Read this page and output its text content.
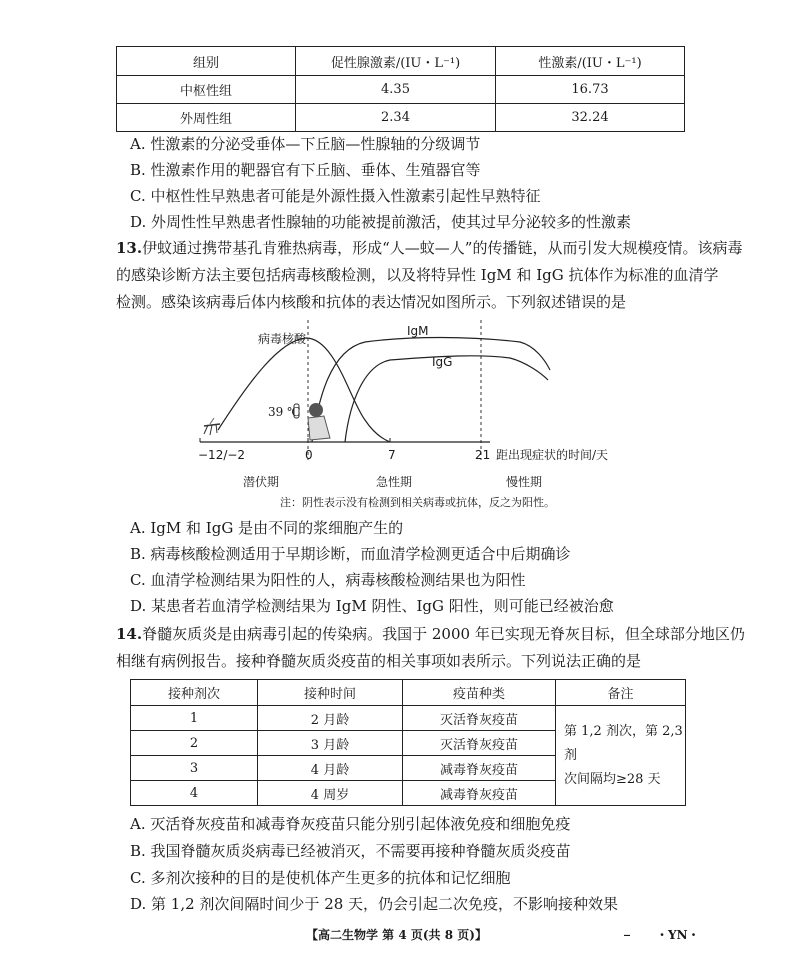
组别	促性腺激素/(IU・L⁻¹)	性激素/(IU・L⁻¹)
中枢性组	4.35	16.73
外周性组	2.34	32.24
A. 性激素的分泌受垂体—下丘脑—性腺轴的分级调节
B. 性激素作用的靶器官有下丘脑、垂体、生殖器官等
C. 中枢性性早熟患者可能是外源性摄入性激素引起性早熟特征
D. 外周性性早熟患者性腺轴的功能被提前激活，使其过早分泌较多的性激素
13.伊蚊通过携带基孔肯雅热病毒，形成“人—蚊—人”的传播链，从而引发大规模疫情。该病毒
的感染诊断方法主要包括病毒核酸检测，以及将特异性 IgM 和 IgG 抗体作为标准的血清学
检测。感染该病毒后体内核酸和抗体的表达情况如图所示。下列叙述错误的是
病毒核酸
IgM
IgG
39 ℃
距出现症状的时间/天
−12/−2	0	7	21
潜伏期	急性期	慢性期
注：阴性表示没有检测到相关病毒或抗体，反之为阳性。
A. IgM 和 IgG 是由不同的浆细胞产生的
B. 病毒核酸检测适用于早期诊断，而血清学检测更适合中后期确诊
C. 血清学检测结果为阳性的人，病毒核酸检测结果也为阳性
D. 某患者若血清学检测结果为 IgM 阴性、IgG 阳性，则可能已经被治愈
14.脊髓灰质炎是由病毒引起的传染病。我国于 2000 年已实现无脊灰目标，但全球部分地区仍
相继有病例报告。接种脊髓灰质炎疫苗的相关事项如表所示。下列说法正确的是
接种剂次	接种时间	疫苗种类	备注
1	2 月龄	灭活脊灰疫苗	第 1,2 剂次，第 2,3 剂
次间隔均≥28 天

2	3 月龄	灭活脊灰疫苗	
3	4 月龄	减毒脊灰疫苗	
4	4 周岁	减毒脊灰疫苗	
A. 灭活脊灰疫苗和减毒脊灰疫苗只能分别引起体液免疫和细胞免疫
B. 我国脊髓灰质炎病毒已经被消灭，不需要再接种脊髓灰质炎疫苗
C. 多剂次接种的目的是使机体产生更多的抗体和记忆细胞
D. 第 1,2 剂次间隔时间少于 28 天，仍会引起二次免疫，不影响接种效果
【高二生物学 第 4 页(共 8 页)】	_ ・YN・
